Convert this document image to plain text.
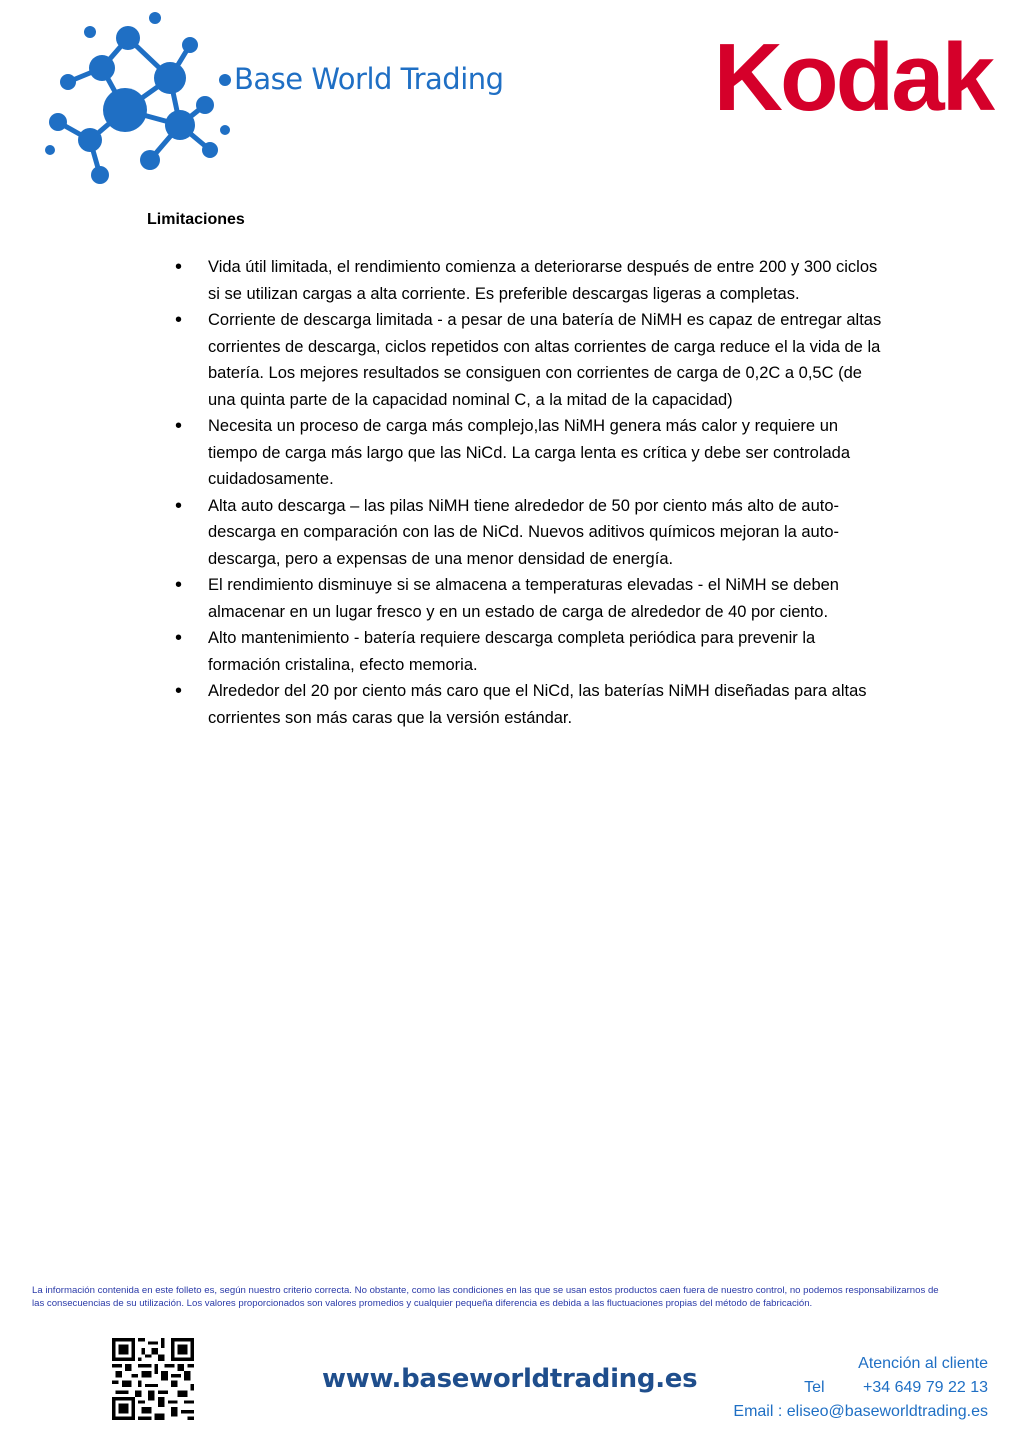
Base World Trading Kodak
Limitaciones
• Vida útil limitada, el rendimiento comienza a deteriorarse después de entre 200 y 300 ciclos si se utilizan cargas a alta corriente. Es preferible descargas ligeras a completas.
• Corriente de descarga limitada - a pesar de una batería de NiMH es capaz de entregar altas corrientes de descarga, ciclos repetidos con altas corrientes de carga reduce el la vida de la batería. Los mejores resultados se consiguen con corrientes de carga de 0,2C a 0,5C (de una quinta parte de la capacidad nominal C, a la mitad de la capacidad)
• Necesita un proceso de carga más complejo,las NiMH genera más calor y requiere un tiempo de carga más largo que las NiCd. La carga lenta es crítica y debe ser controlada cuidadosamente.
• Alta auto descarga – las pilas NiMH tiene alrededor de 50 por ciento más alto de auto-descarga en comparación con las de NiCd. Nuevos aditivos químicos mejoran la auto-descarga, pero a expensas de una menor densidad de energía.
• El rendimiento disminuye si se almacena a temperaturas elevadas - el NiMH se deben almacenar en un lugar fresco y en un estado de carga de alrededor de 40 por ciento.
• Alto mantenimiento - batería requiere descarga completa periódica para prevenir la formación cristalina, efecto memoria.
• Alrededor del 20 por ciento más caro que el NiCd, las baterías NiMH diseñadas para altas corrientes son más caras que la versión estándar.
La información contenida en este folleto es, según nuestro criterio correcta. No obstante, como las condiciones en las que se usan estos productos caen fuera de nuestro control, no podemos responsabilizarnos de
las consecuencias de su utilización. Los valores proporcionados son valores promedios y cualquier pequeña diferencia es debida a las fluctuaciones propias del método de fabricación.
www.baseworldtrading.es
Atención al cliente
Tel +34 649 79 22 13
Email : eliseo@baseworldtrading.es
